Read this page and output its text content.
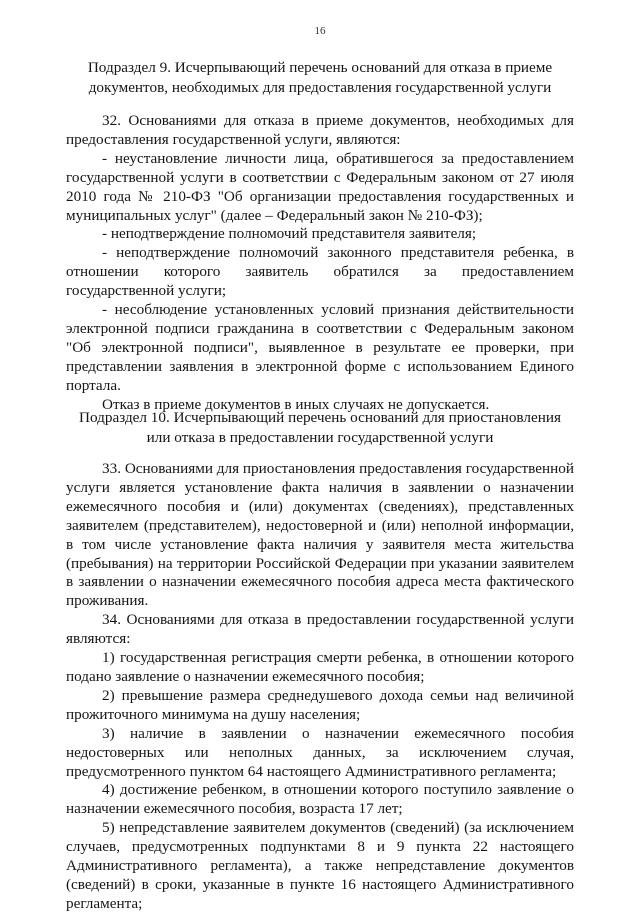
16
Подраздел 9. Исчерпывающий перечень оснований для отказа в приеме
документов, необходимых для предоставления государственной услуги

32. Основаниями для отказа в приеме документов, необходимых для предоставления государственной услуги, являются:

- неустановление личности лица, обратившегося за предоставлением государственной услуги в соответствии с Федеральным законом от 27 июля 2010 года № 210-ФЗ "Об организации предоставления государственных и муниципальных услуг" (далее – Федеральный закон № 210-ФЗ);

- неподтверждение полномочий представителя заявителя;

- неподтверждение полномочий законного представителя ребенка, в отношении которого заявитель обратился за предоставлением государственной услуги;

- несоблюдение установленных условий признания действительности электронной подписи гражданина в соответствии с Федеральным законом "Об электронной подписи", выявленное в результате ее проверки, при представлении заявления в электронной форме с использованием Единого портала.

Отказ в приеме документов в иных случаях не допускается.

Подраздел 10. Исчерпывающий перечень оснований для приостановления
или отказа в предоставлении государственной услуги

33. Основаниями для приостановления предоставления государственной услуги является установление факта наличия в заявлении о назначении ежемесячного пособия и (или) документах (сведениях), представленных заявителем (представителем), недостоверной и (или) неполной информации, в том числе установление факта наличия у заявителя места жительства (пребывания) на территории Российской Федерации при указании заявителем в заявлении о назначении ежемесячного пособия адреса места фактического проживания.

34. Основаниями для отказа в предоставлении государственной услуги являются:

1) государственная регистрация смерти ребенка, в отношении которого подано заявление о назначении ежемесячного пособия;

2) превышение размера среднедушевого дохода семьи над величиной прожиточного минимума на душу населения;

3) наличие в заявлении о назначении ежемесячного пособия недостоверных или неполных данных, за исключением случая, предусмотренного пунктом 64 настоящего Административного регламента;

4) достижение ребенком, в отношении которого поступило заявление о назначении ежемесячного пособия, возраста 17 лет;

5) непредставление заявителем документов (сведений) (за исключением случаев, предусмотренных подпунктами 8 и 9 пункта 22 настоящего Административного регламента), а также непредставление документов (сведений) в сроки, указанные в пункте 16 настоящего Административного регламента;
